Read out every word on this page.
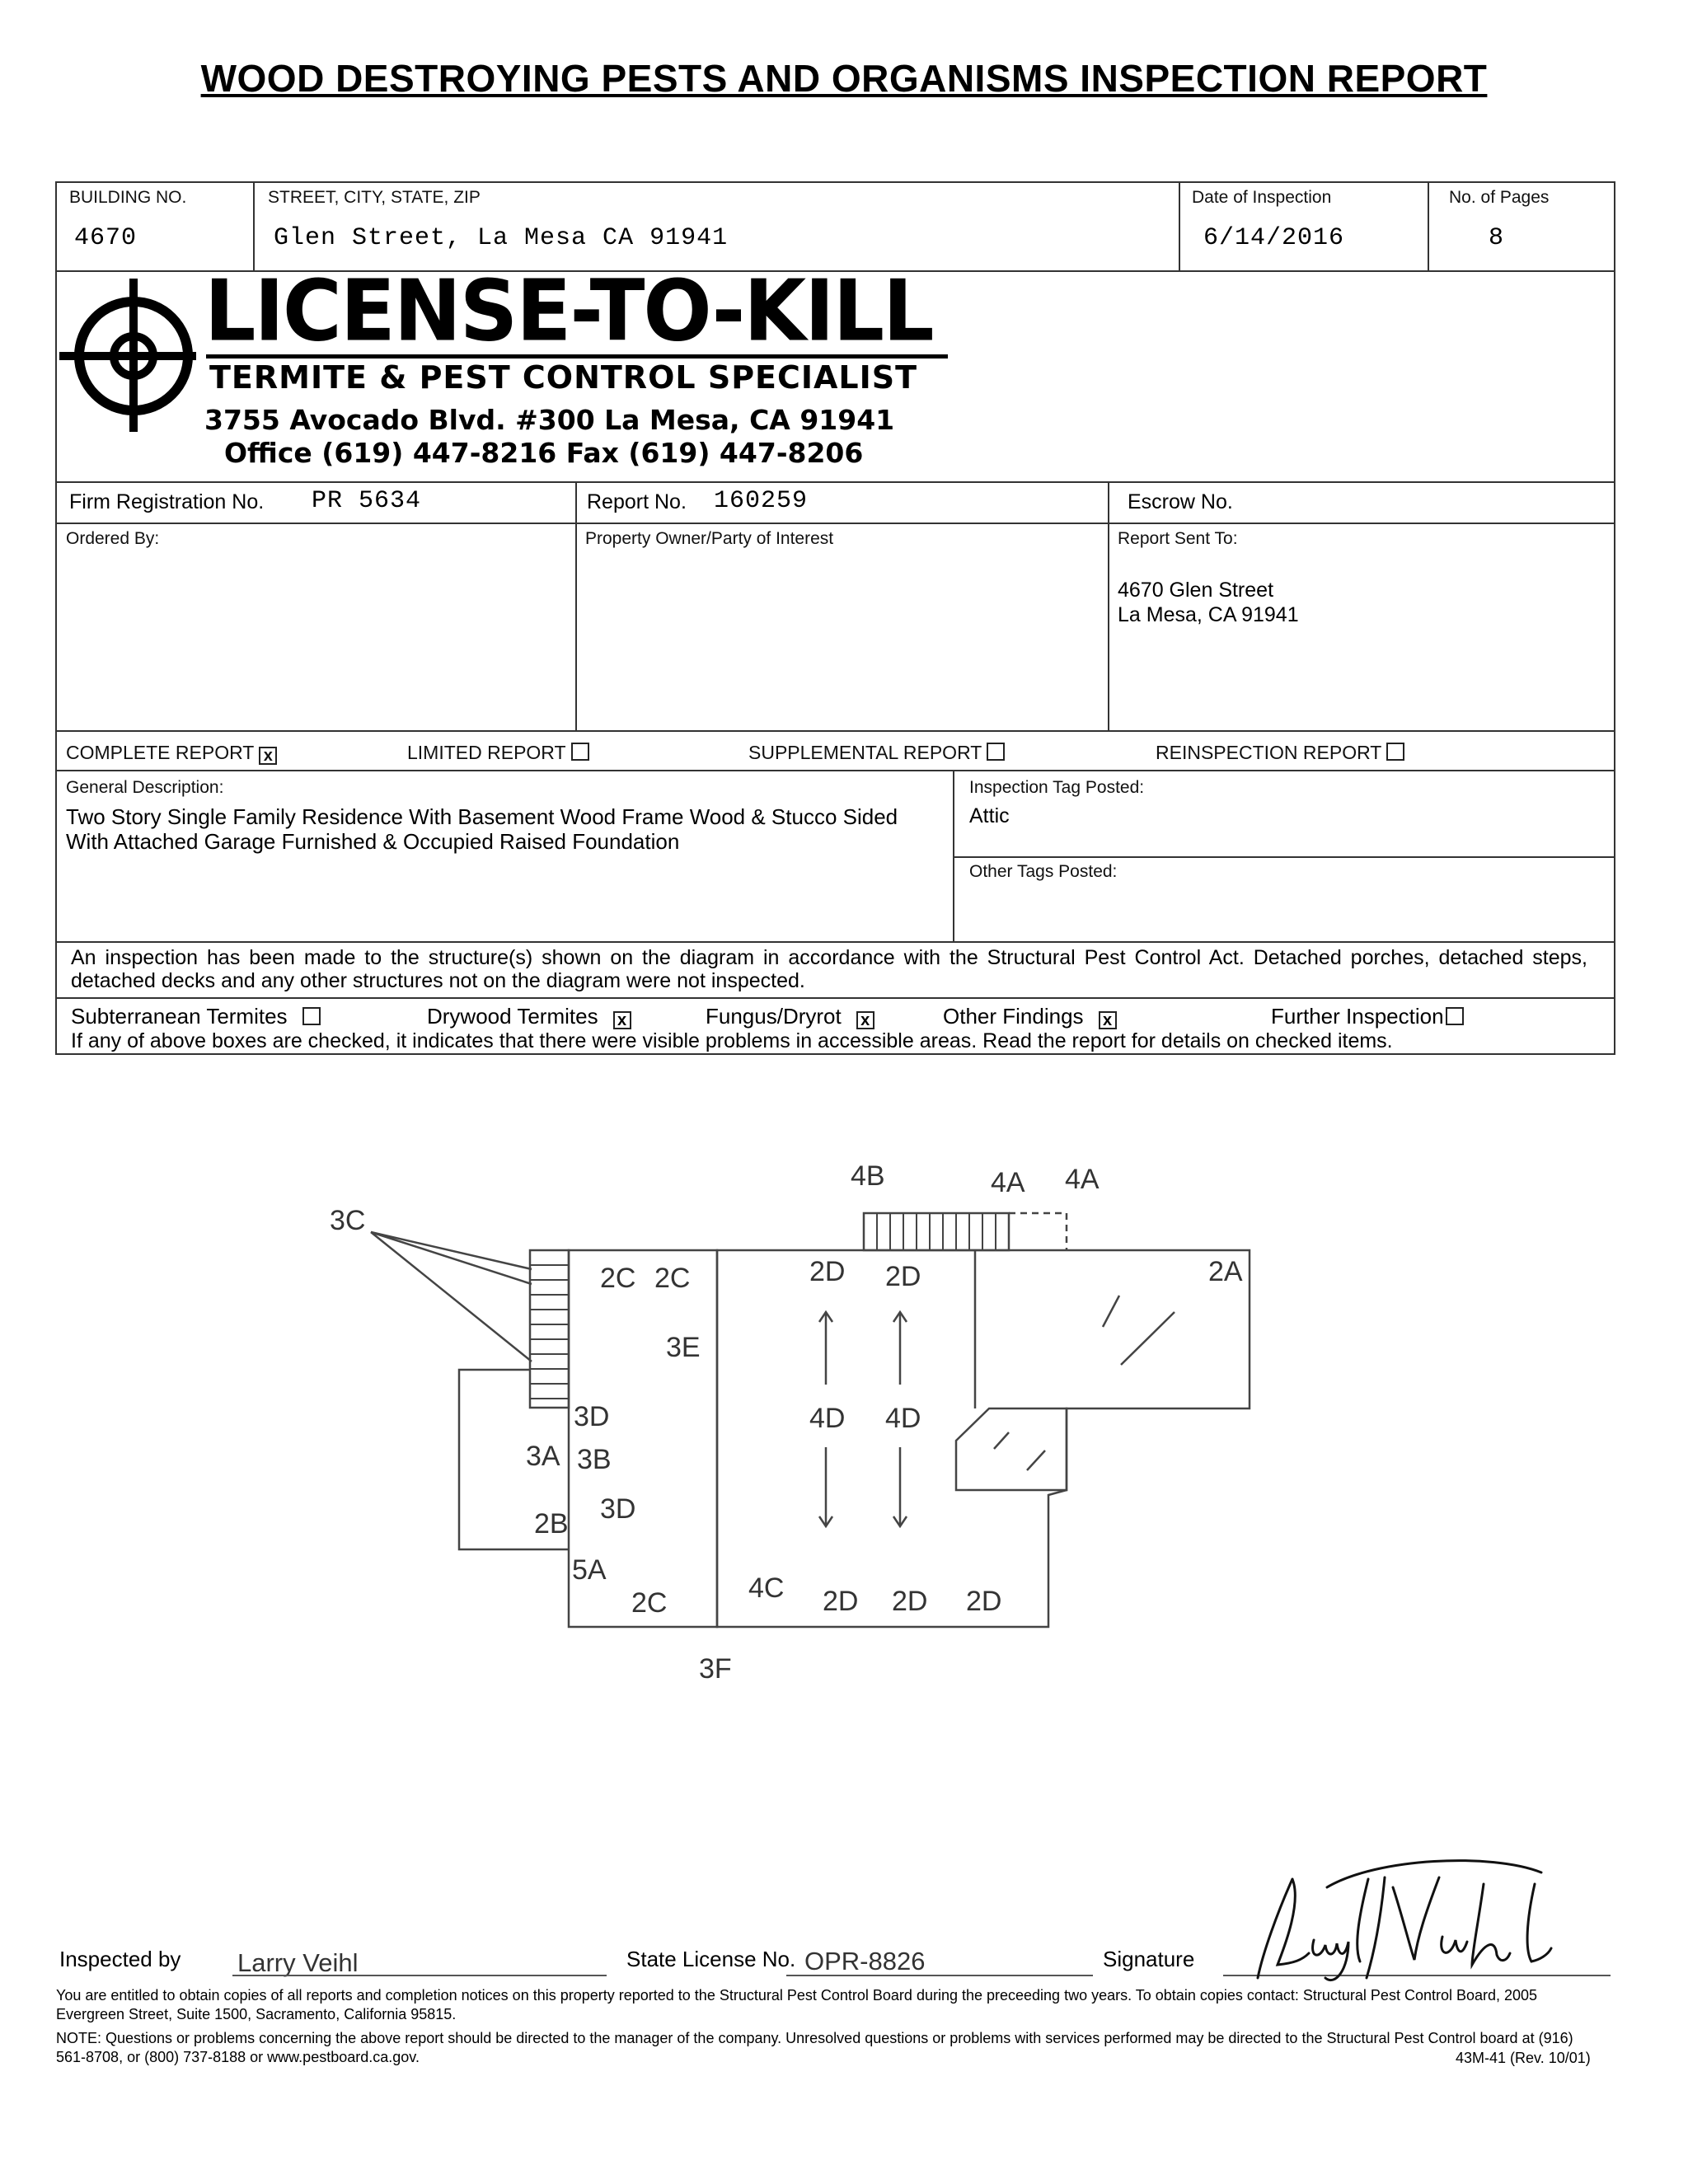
WOOD DESTROYING PESTS AND ORGANISMS INSPECTION REPORT
BUILDING NO.
4670
STREET, CITY, STATE, ZIP
Glen Street, La Mesa CA 91941
Date of Inspection
6/14/2016
No. of Pages
8
LICENSE-TO-KILL
TERMITE & PEST CONTROL SPECIALIST
3755 Avocado Blvd. #300 La Mesa, CA 91941
Office (619) 447-8216 Fax (619) 447-8206
Firm Registration No. PR 5634	Report No. 160259	Escrow No.
Ordered By:	Property Owner/Party of Interest	Report Sent To:
4670 Glen Street
La Mesa, CA 91941
COMPLETE REPORT x	LIMITED REPORT	SUPPLEMENTAL REPORT	REINSPECTION REPORT
General Description:
Two Story Single Family Residence With Basement Wood Frame Wood & Stucco Sided With Attached Garage Furnished & Occupied Raised Foundation
Inspection Tag Posted:
Attic
Other Tags Posted:
An inspection has been made to the structure(s) shown on the diagram in accordance with the Structural Pest Control Act. Detached porches, detached steps, detached decks and any other structures not on the diagram were not inspected.
Subterranean Termites	Drywood Termites x	Fungus/Dryrot x	Other Findings x	Further Inspection
If any of above boxes are checked, it indicates that there were visible problems in accessible areas. Read the report for details on checked items.
3C
4B	4A 4A
2A
2C 2C
3E
2D 2D
4D 4D
3D
3A 3B
3D
2B
5A
2C	4C 2D 2D 2D
3F
Inspected by Larry Veihl	State License No. OPR-8826	Signature
You are entitled to obtain copies of all reports and completion notices on this property reported to the Structural Pest Control Board during the preceeding two years. To obtain copies contact: Structural Pest Control Board, 2005 Evergreen Street, Suite 1500, Sacramento, California 95815.
NOTE: Questions or problems concerning the above report should be directed to the manager of the company. Unresolved questions or problems with services performed may be directed to the Structural Pest Control board at (916) 561-8708, or (800) 737-8188 or www.pestboard.ca.gov.	43M-41 (Rev. 10/01)
